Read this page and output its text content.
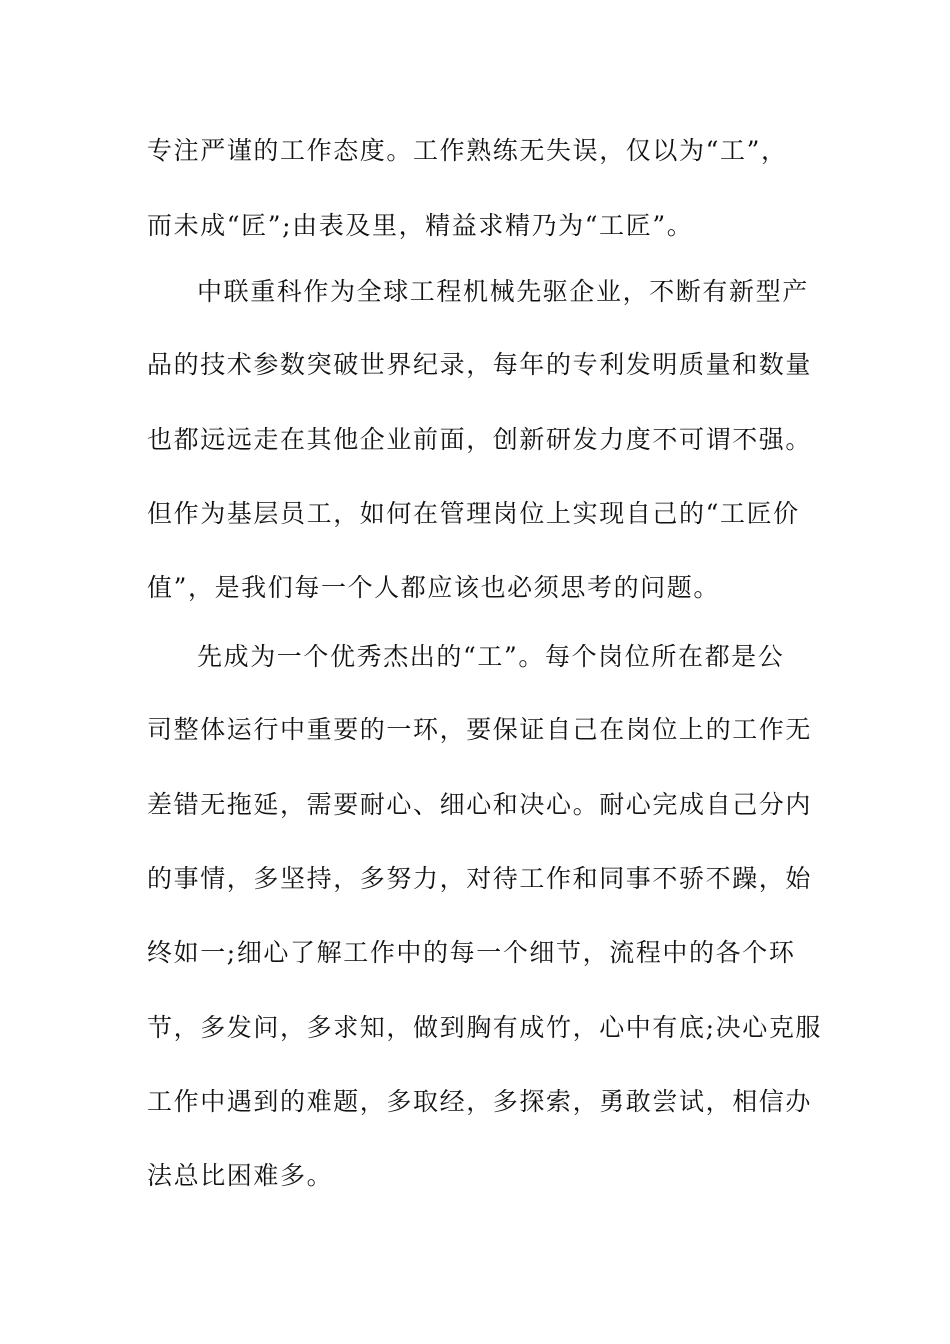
专注严谨的工作态度。工作熟练无失误，仅以为“工”，
而未成“匠”;由表及里，精益求精乃为“工匠”。
中联重科作为全球工程机械先驱企业，不断有新型产
品的技术参数突破世界纪录，每年的专利发明质量和数量
也都远远走在其他企业前面，创新研发力度不可谓不强。
但作为基层员工，如何在管理岗位上实现自己的“工匠价
值”，是我们每一个人都应该也必须思考的问题。
先成为一个优秀杰出的“工”。每个岗位所在都是公
司整体运行中重要的一环，要保证自己在岗位上的工作无
差错无拖延，需要耐心、细心和决心。耐心完成自己分内
的事情，多坚持，多努力，对待工作和同事不骄不躁，始
终如一;细心了解工作中的每一个细节，流程中的各个环
节，多发问，多求知，做到胸有成竹，心中有底;决心克服
工作中遇到的难题，多取经，多探索，勇敢尝试，相信办
法总比困难多。
